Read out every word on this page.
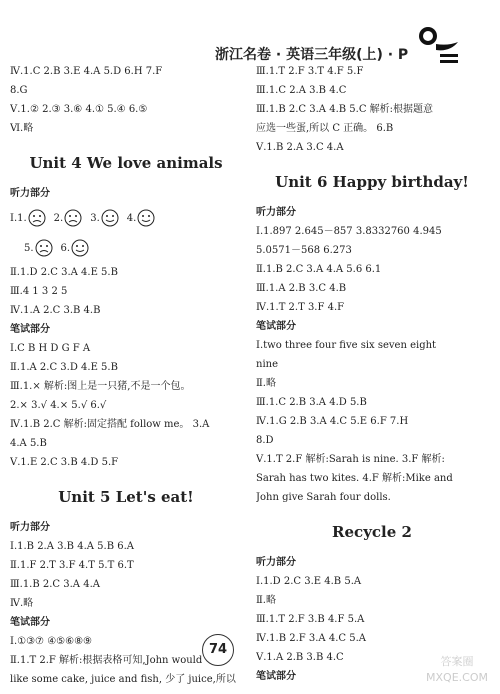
浙江名卷 · 英语三年级(上) · P
Ⅳ.1.C 2.B 3.E 4.A 5.D 6.H 7.F
8.G
Ⅴ.1.② 2.③ 3.⑥ 4.① 5.④ 6.⑤
Ⅵ.略
Unit 4 We love animals
听力部分
Ⅰ.1.	2.	3.	4.
5.	6.
Ⅱ.1.D 2.C 3.A 4.E 5.B
Ⅲ.4 1 3 2 5
Ⅳ.1.A 2.C 3.B 4.B
笔试部分
Ⅰ.C B H D G F A
Ⅱ.1.A 2.C 3.D 4.E 5.B
Ⅲ.1.× 解析:图上是一只猪,不是一个包。
2.× 3.√ 4.× 5.√ 6.√
Ⅳ.1.B 2.C 解析:固定搭配 follow me。 3.A
4.A 5.B
Ⅴ.1.E 2.C 3.B 4.D 5.F
Unit 5 Let's eat!
听力部分
Ⅰ.1.B 2.A 3.B 4.A 5.B 6.A
Ⅱ.1.F 2.T 3.F 4.T 5.T 6.T
Ⅲ.1.B 2.C 3.A 4.A
Ⅳ.略
笔试部分
Ⅰ.①③⑦ ④⑤⑥⑧⑨
Ⅱ.1.T 2.F 解析:根据表格可知,John would
like some cake, juice and fish, 少了 juice,所以
Ⅲ.1.T 2.F 3.T 4.F 5.F
Ⅲ.1.C 2.A 3.B 4.C
Ⅲ.1.B 2.C 3.A 4.B 5.C 解析:根据题意
应选一些蛋,所以 C 正确。 6.B
Ⅴ.1.B 2.A 3.C 4.A
Unit 6 Happy birthday!
听力部分
Ⅰ.1.897 2.645－857 3.8332760 4.945
5.0571－568 6.273
Ⅱ.1.B 2.C 3.A 4.A 5.6 6.1
Ⅲ.1.A 2.B 3.C 4.B
Ⅳ.1.T 2.T 3.F 4.F
笔试部分
Ⅰ.two three four five six seven eight
nine
Ⅱ.略
Ⅲ.1.C 2.B 3.A 4.D 5.B
Ⅳ.1.G 2.B 3.A 4.C 5.E 6.F 7.H
8.D
Ⅴ.1.T 2.F 解析:Sarah is nine. 3.F 解析:
Sarah has two kites. 4.F 解析:Mike and
John give Sarah four dolls.
Recycle 2
听力部分
Ⅰ.1.D 2.C 3.E 4.B 5.A
Ⅱ.略
Ⅲ.1.T 2.F 3.B 4.F 5.A
Ⅳ.1.B 2.F 3.A 4.C 5.A
Ⅴ.1.A 2.B 3.B 4.C
笔试部分
74
答案圈 MXQE.COM
